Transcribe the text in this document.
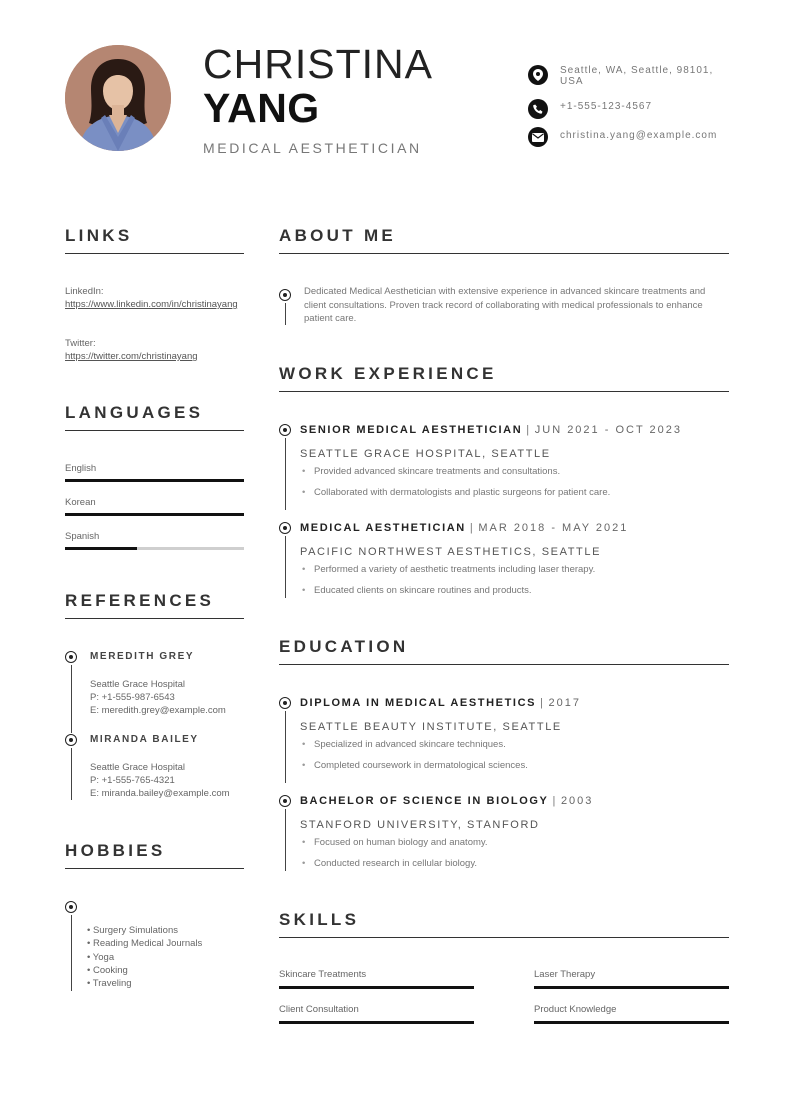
CHRISTINA
YANG
MEDICAL AESTHETICIAN
Seattle, WA, Seattle, 98101, USA
+1-555-123-4567
christina.yang@example.com
LINKS
LinkedIn:
https://www.linkedin.com/in/christinayang
Twitter:
https://twitter.com/christinayang
LANGUAGES
English
Korean
Spanish
REFERENCES
MEREDITH GREY
Seattle Grace Hospital
P: +1-555-987-6543
E: meredith.grey@example.com
MIRANDA BAILEY
Seattle Grace Hospital
P: +1-555-765-4321
E: miranda.bailey@example.com
HOBBIES
• Surgery Simulations
• Reading Medical Journals
• Yoga
• Cooking
• Traveling
ABOUT ME
Dedicated Medical Aesthetician with extensive experience in advanced skincare treatments and client consultations. Proven track record of collaborating with medical professionals to enhance patient care.
WORK EXPERIENCE
SENIOR MEDICAL AESTHETICIAN | JUN 2021 - OCT 2023
SEATTLE GRACE HOSPITAL, SEATTLE
• Provided advanced skincare treatments and consultations.
• Collaborated with dermatologists and plastic surgeons for patient care.
MEDICAL AESTHETICIAN | MAR 2018 - MAY 2021
PACIFIC NORTHWEST AESTHETICS, SEATTLE
• Performed a variety of aesthetic treatments including laser therapy.
• Educated clients on skincare routines and products.
EDUCATION
DIPLOMA IN MEDICAL AESTHETICS | 2017
SEATTLE BEAUTY INSTITUTE, SEATTLE
• Specialized in advanced skincare techniques.
• Completed coursework in dermatological sciences.
BACHELOR OF SCIENCE IN BIOLOGY | 2003
STANFORD UNIVERSITY, STANFORD
• Focused on human biology and anatomy.
• Conducted research in cellular biology.
SKILLS
Skincare Treatments	Laser Therapy
Client Consultation	Product Knowledge
